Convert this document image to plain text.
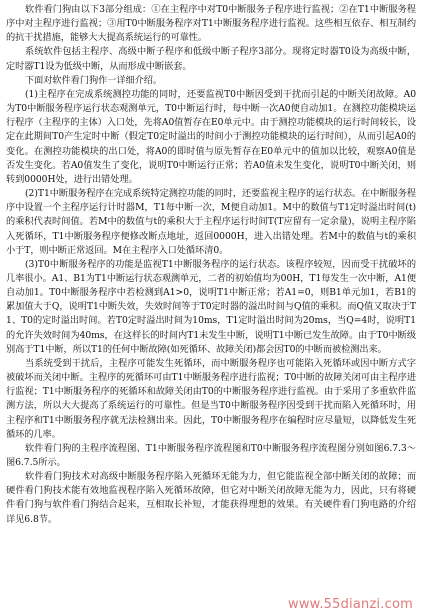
软件看门狗由以下3部分组成：①在主程序中对T0中断服务子程序进行监视；②在T1中断服务程序中对主程序进行监视；③用T0中断服务程序对T1中断服务程序进行监视。这些相互依存、相互制约的抗干扰措施，能够大大提高系统运行的可靠性。

系统软件包括主程序、高级中断子程序和低级中断子程序3部分。现将定时器T0设为高级中断，定时器T1设为低级中断，从而形成中断嵌套。

下面对软件看门狗作一详细介绍。

(1)主程序在完成系统测控功能的同时，还要监视T0中断因受到干扰而引起的中断关闭故障。A0为T0中断服务程序运行状态观测单元，T0中断运行时，每中断一次A0便自动加1。在测控功能模块运行程序（主程序的主体）入口处，先将A0值暂存在E0单元中。由于测控功能模块的运行时间较长，设定在此期间T0产生定时中断（假定T0定时溢出的时间小于测控功能模块的运行时间），从而引起A0的变化。在测控功能模块的出口处，将A0的即时值与原先暂存在E0单元中的值加以比较，观察A0值是否发生变化。若A0值发生了变化，说明T0中断运行正常；若A0值未发生变化，说明T0中断关闭，则转到0000H处，进行出错处理。

(2)T1中断服务程序在完成系统特定测控功能的同时，还要监视主程序的运行状态。在中断服务程序中设置一个主程序运行计时器M，T1每中断一次，M便自动加1。M中的数值与T1定时溢出时间(t)的乘积代表时间值。若M中的数值与t的乘积大于主程序运行时间T(T应留有一定余量)，说明主程序陷入死循环，T1中断服务程序便修改断点地址，返回0000H，进入出错处理。若M中的数值与t的乘积小于T，则中断正常返回。M在主程序入口处循环清0。

(3)T0中断服务程序的功能是监视T1中断服务程序的运行状态。该程序较短，因而受干扰破坏的几率很小。A1、B1为T1中断运行状态观测单元，二者的初始值均为00H，T1每发生一次中断，A1便自动加1。T0中断服务程序中若检测到A1>0，说明T1中断正常；若A1=0，则B1单元加1，若B1的累加值大于Q，说明T1中断失效，失效时间等于T0定时器的溢出时间与Q值的乘积。而Q值又取决于T1、T0的定时溢出时间。若T0定时溢出时间为10ms，T1定时溢出时间为20ms，当Q=4时，说明T1的允许失效时间为40ms，在这样长的时间内T1未发生中断，说明T1中断已发生故障。由于T0中断级别高于T1中断，所以T1的任何中断故障(如死循环、故障关闭)都会因T0的中断而被检测出来。

当系统受到干扰后，主程序可能发生死循环，而中断服务程序也可能陷入死循环或因中断方式字被破坏而关闭中断。主程序的死循环可由T1中断服务程序进行监视；T0中断的故障关闭可由主程序进行监视；T1中断服务程序的死循环和故障关闭由T0的中断服务程序进行监视。由于采用了多重软件监测方法，所以大大提高了系统运行的可靠性。但是当T0中断服务程序因受到干扰而陷入死循环时，用主程序和T1中断服务程序就无法检测出来。因此，T0中断服务程序在编程时应尽量短，以降低发生死循环的几率。

软件看门狗的主程序流程图、T1中断服务程序流程图和T0中断服务程序流程图分别如图6.7.3～图6.7.5所示。

软件看门狗技术对高级中断服务程序陷入死循环无能为力，但它能监视全部中断关闭的故障；而硬件看门狗技术能有效地监视程序陷入死循环故障，但它对中断关闭故障无能为力，因此，只有将硬件看门狗与软件看门狗结合起来，互相取长补短，才能获得理想的效果。有关硬件看门狗电路的介绍详见6.8节。

www.55dianzi.com
